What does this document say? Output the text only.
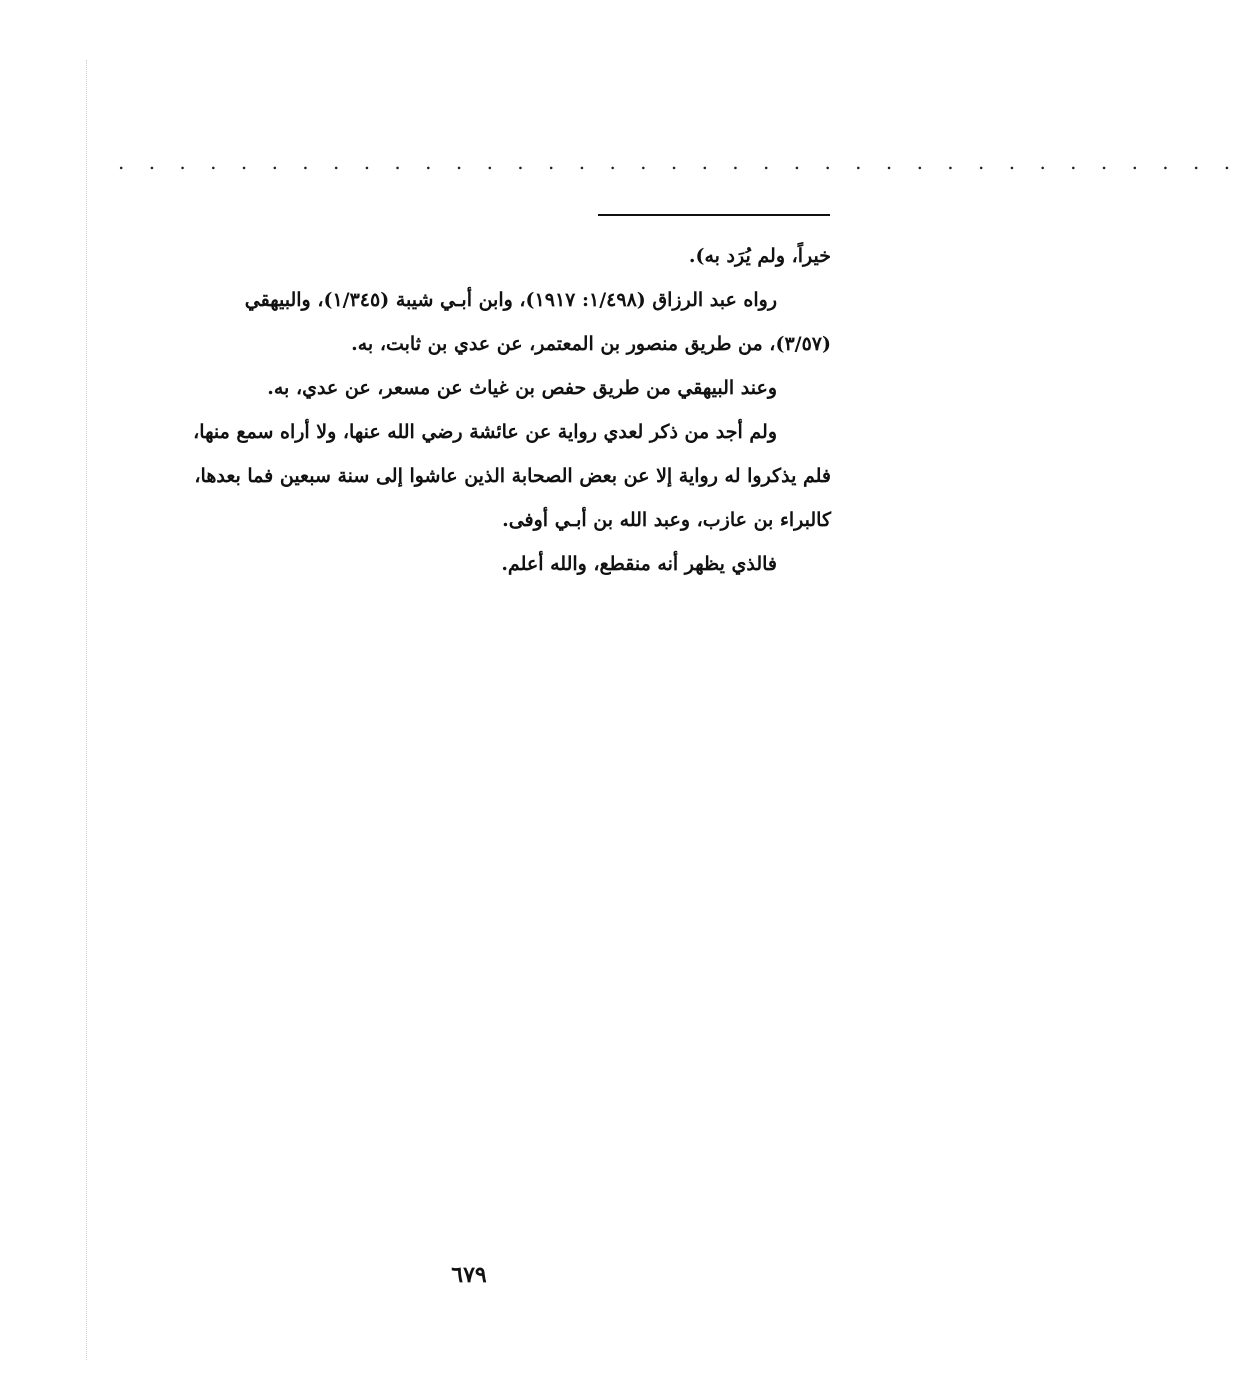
. . . . . . . . . . . . . . . . . . . . . . . . . . . . . . . . . . . . .

خيراً، ولم يُرَد به).

رواه عبد الرزاق (١/٤٩٨: ١٩١٧)، وابن أبـي شيبة (١/٣٤٥)، والبيهقي

(٣/٥٧)، من طريق منصور بن المعتمر، عن عدي بن ثابت، به.

وعند البيهقي من طريق حفص بن غياث عن مسعر، عن عدي، به.

ولم أجد من ذكر لعدي رواية عن عائشة رضي الله عنها، ولا أراه سمع منها،

فلم يذكروا له رواية إلا عن بعض الصحابة الذين عاشوا إلى سنة سبعين فما بعدها،

كالبراء بن عازب، وعبد الله بن أبـي أوفى.

فالذي يظهر أنه منقطع، والله أعلم.

٦٧٩
